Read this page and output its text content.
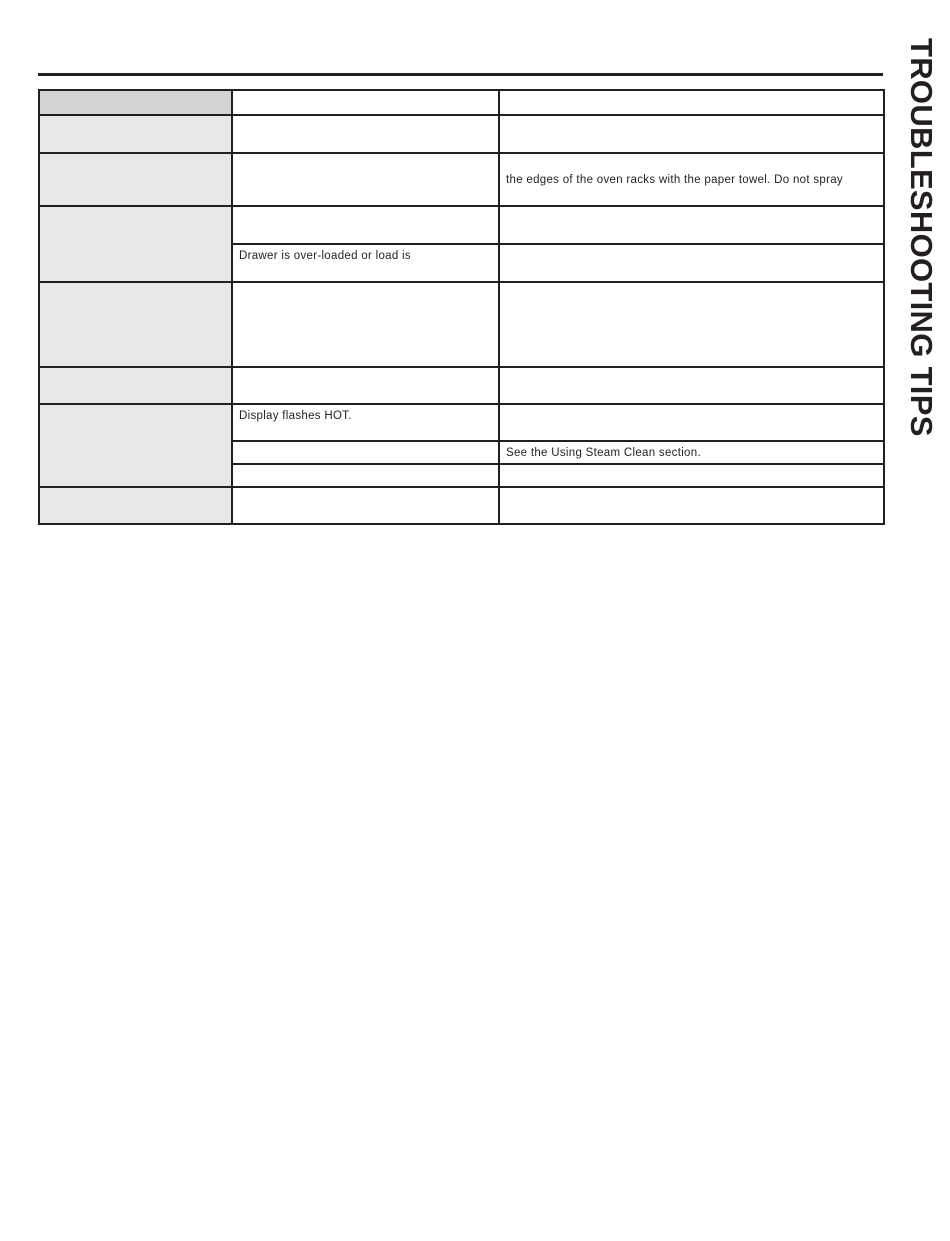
TROUBLESHOOTING TIPS

		the edges of the oven racks with the paper towel. Do not spray

	Drawer is over-loaded or load is	

	Display flashes HOT.	
		See the Using Steam Clean section.
